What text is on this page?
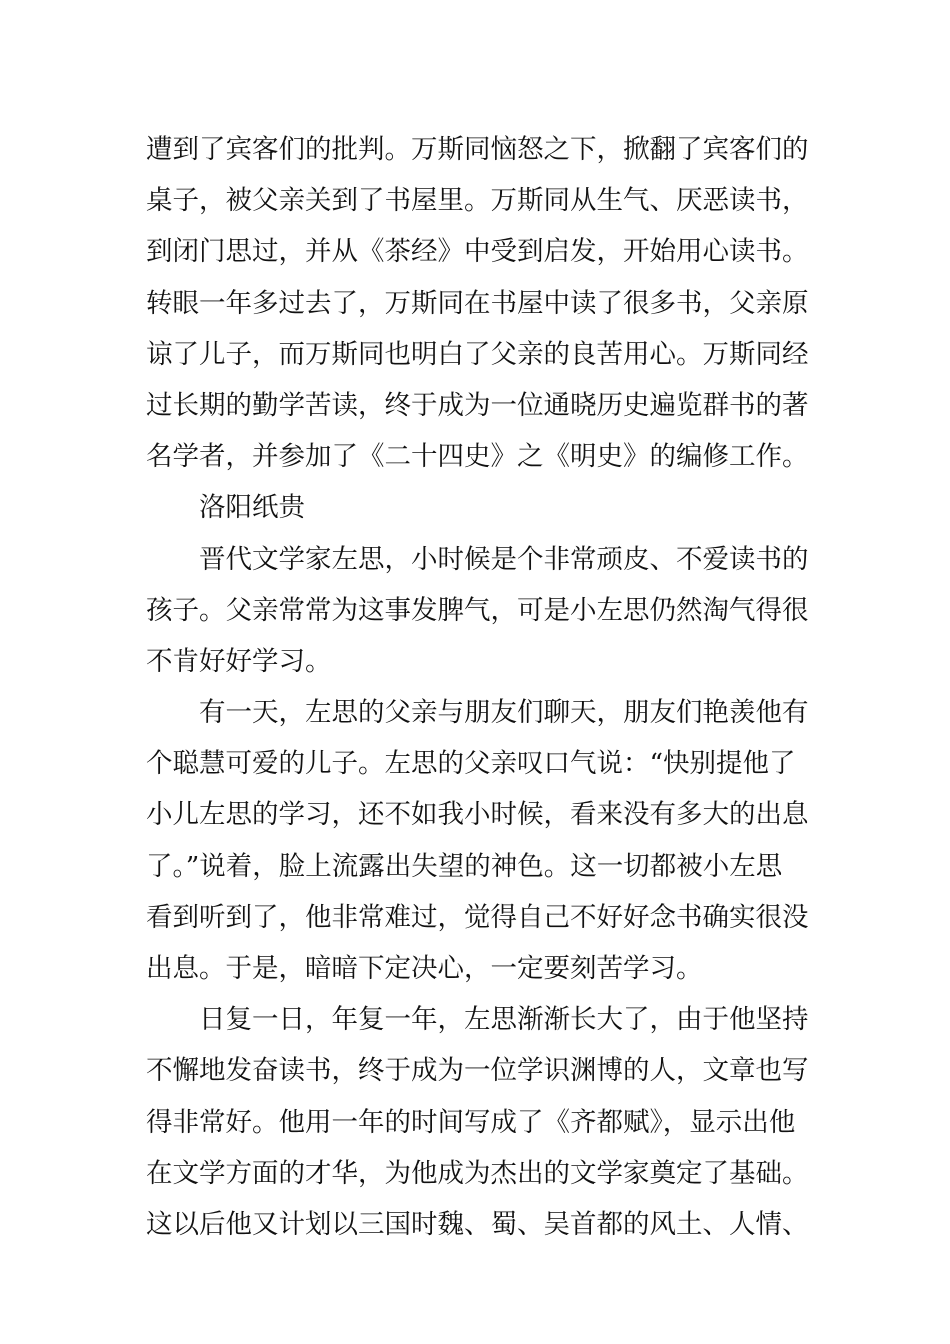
遭到了宾客们的批判。万斯同恼怒之下，掀翻了宾客们的
桌子，被父亲关到了书屋里。万斯同从生气、厌恶读书，
到闭门思过，并从《茶经》中受到启发，开始用心读书。
转眼一年多过去了，万斯同在书屋中读了很多书，父亲原
谅了儿子，而万斯同也明白了父亲的良苦用心。万斯同经
过长期的勤学苦读，终于成为一位通晓历史遍览群书的著
名学者，并参加了《二十四史》之《明史》的编修工作。
洛阳纸贵
晋代文学家左思，小时候是个非常顽皮、不爱读书的
孩子。父亲常常为这事发脾气，可是小左思仍然淘气得很
不肯好好学习。
有一天，左思的父亲与朋友们聊天，朋友们艳羡他有
个聪慧可爱的儿子。左思的父亲叹口气说：“快别提他了
小儿左思的学习，还不如我小时候，看来没有多大的出息
了。”说着，脸上流露出失望的神色。这一切都被小左思
看到听到了，他非常难过，觉得自己不好好念书确实很没
出息。于是，暗暗下定决心，一定要刻苦学习。
日复一日，年复一年，左思渐渐长大了，由于他坚持
不懈地发奋读书，终于成为一位学识渊博的人，文章也写
得非常好。他用一年的时间写成了《齐都赋》，显示出他
在文学方面的才华，为他成为杰出的文学家奠定了基础。
这以后他又计划以三国时魏、蜀、吴首都的风土、人情、
